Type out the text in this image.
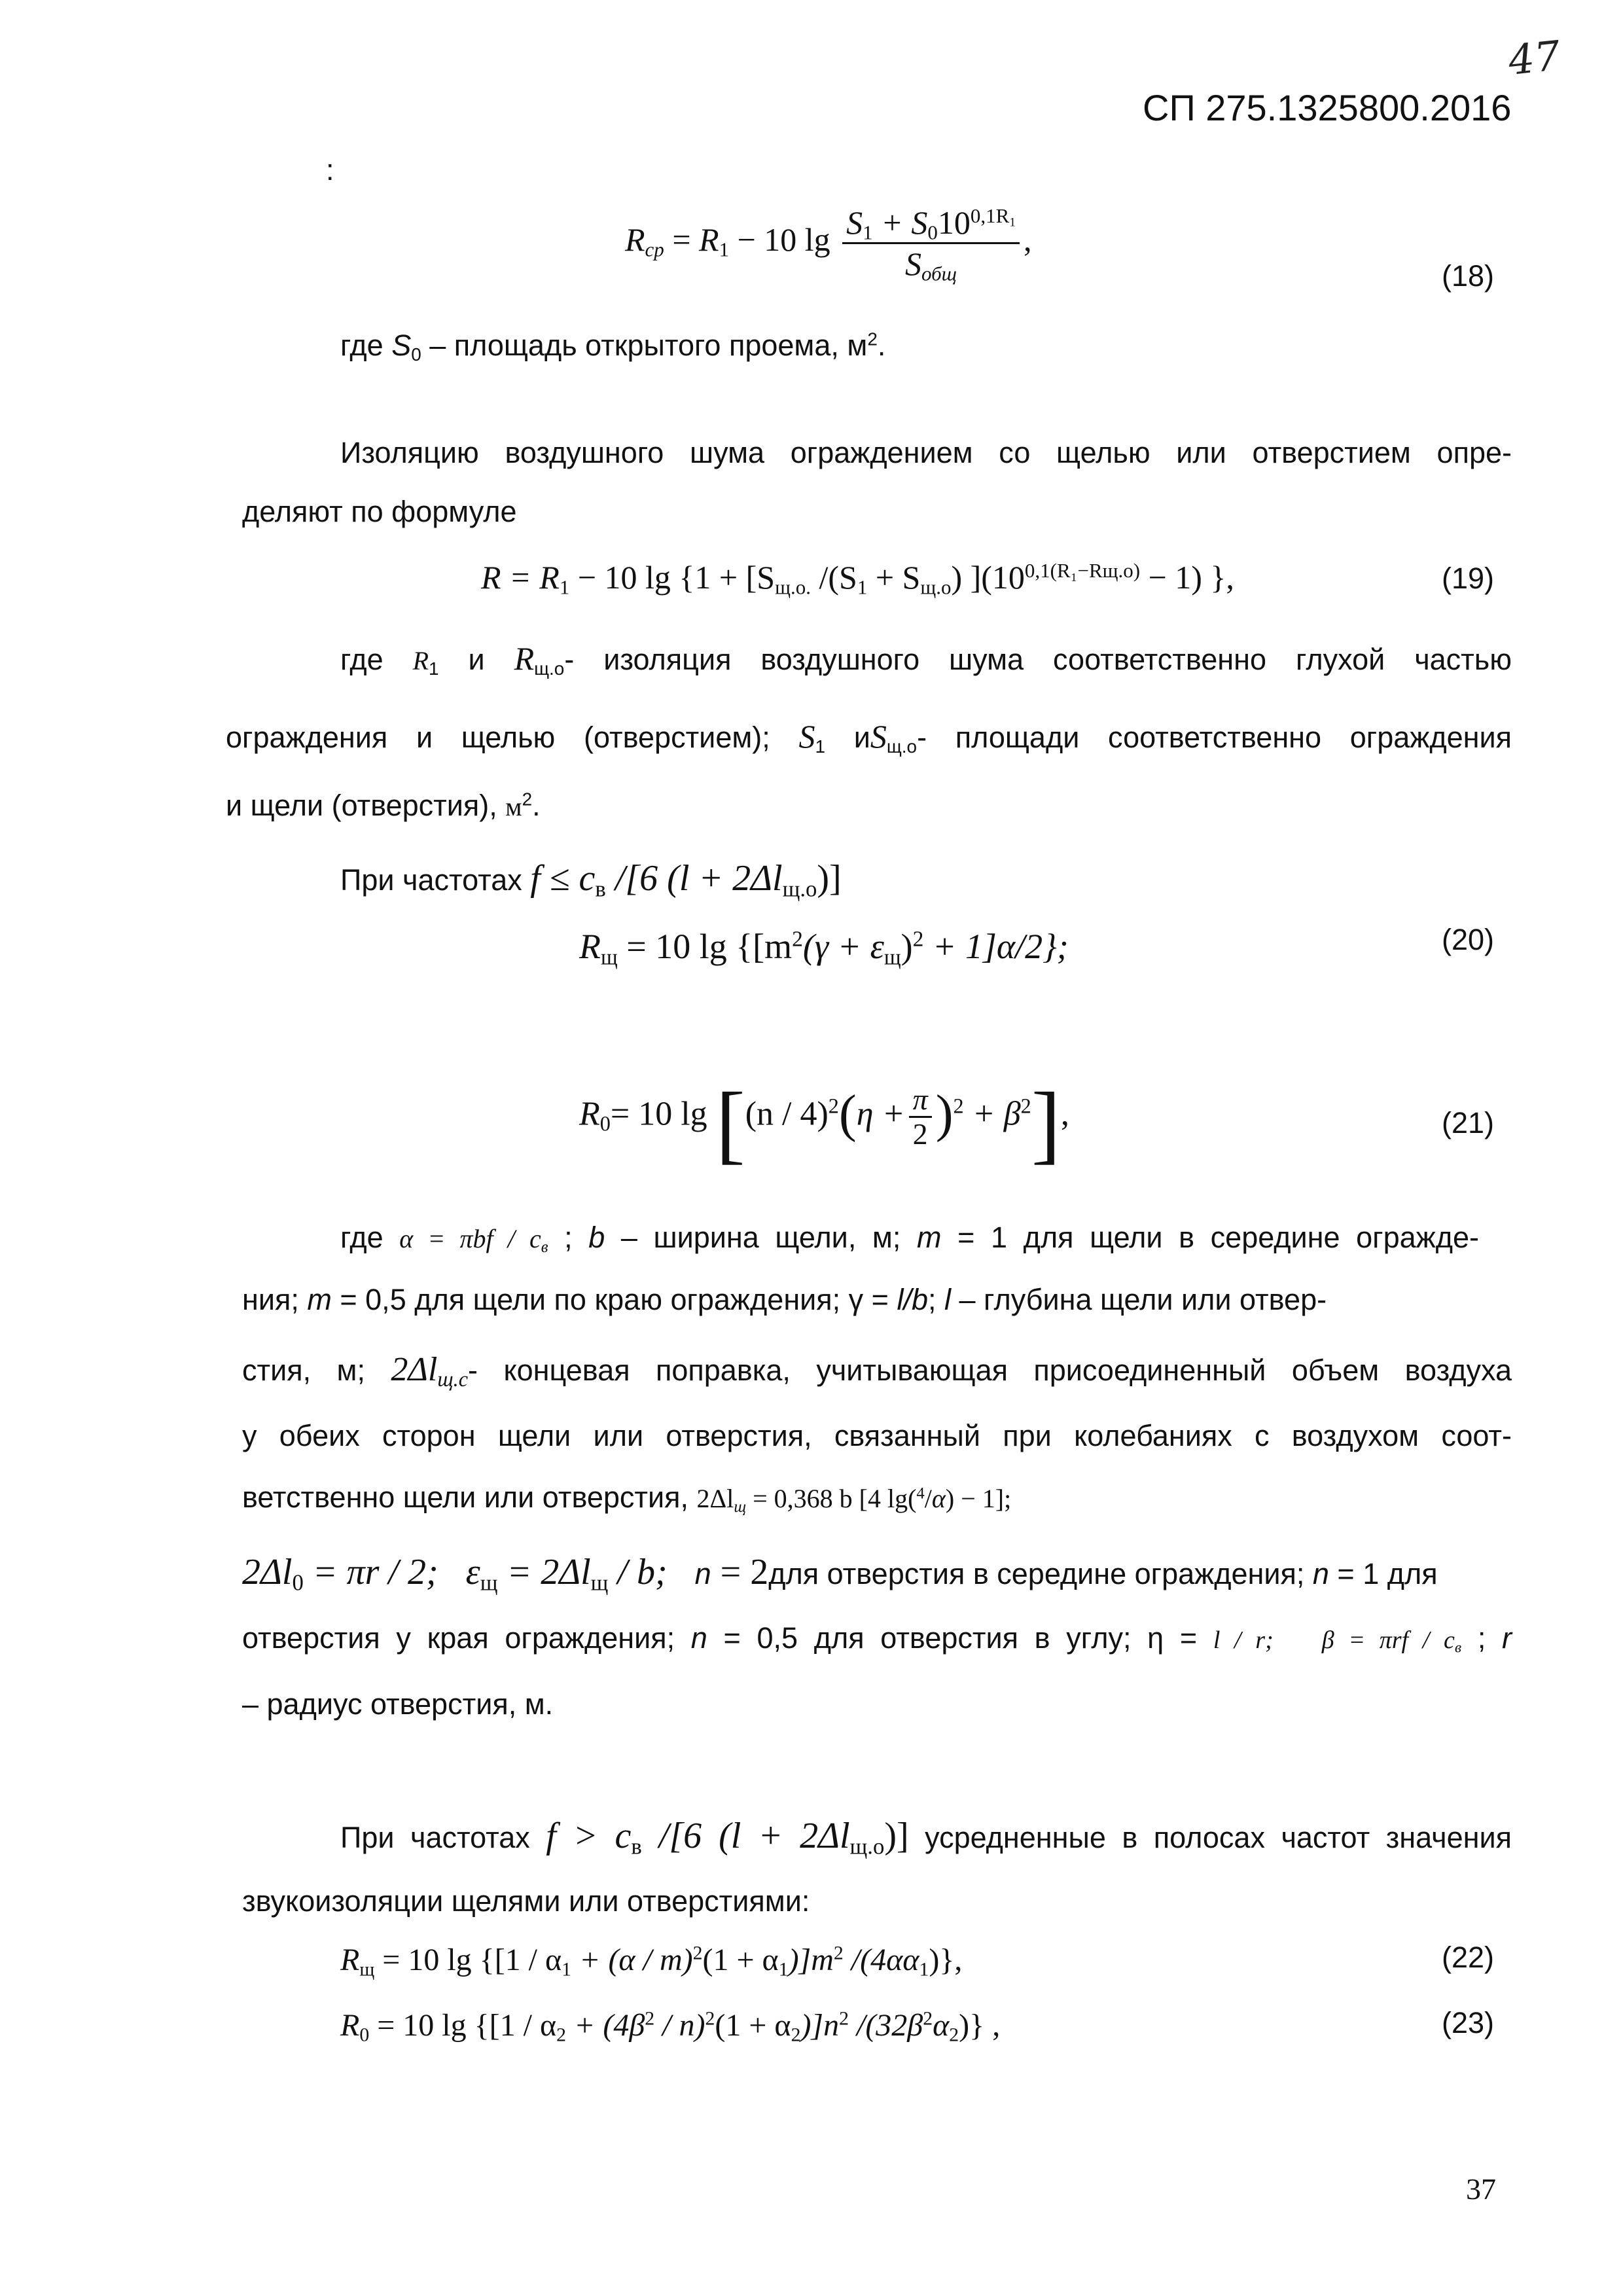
47
СП 275.1325800.2016
:
$R_{ср} = R_1 - 10$ $\lg \frac{S_1 + S_010^{0,1R_1}}{S_{общ}}$ ,
(18)
где $S_0$ – площадь открытого проема, $м^2$.
Изоляцию воздушного шума ограждением со щелью или отверстием опре-
деляют по формуле
$R = R_1 - 10$ $\lg \{1 + [S_{щ.о.}$ $/(S_1 + S_{щ.о}) ](10^{0,1(R_1-Rщ.о)} - 1)$ },	(19)
где $R_1$ и $R_{щ.о}-$ изоляция воздушного шума соответственно глухой частью
ограждения и щелью (отверстием); $S_1$ $иS_{щ.о}-$ площади соответственно ограждения
и щели (отверстия), $м^2$.
При частотах $f \le c_в$ /[6 $(l + 2\Delta l_{щ.о})$]
$R_щ = 10$ $\lg \{[m^2(\gamma + \varepsilon_щ)^2 + 1]\alpha/2\}$;	(20)
$R_0= 10$ $\lg [(n / 4)^2(\eta + \frac{\pi}{2} )^2 + \beta^2]$,	(21)
где $\alpha = \pi bf / c_в$ ; b – ширина щели, м; m = 1 для щели в середине огражде-
ния; m = 0,5 для щели по краю ограждения; γ = l/b; l – глубина щели или отвер-
стия, м; $2\Delta l_{щ.с}-$ концевая поправка, учитывающая присоединенный объем воздуха
у обеих сторон щели или отверстия, связанный при колебаниях с воздухом соот-
ветственно щели или отверстия, $2\Delta l_щ = 0,368$ b [4 lg($^4$/α) − 1];
$2\Delta l_0 = \pi r / 2$; $\varepsilon_щ = 2\Delta l_щ / b$; n = 2для отверстия в середине ограждения; n = 1 для
отверстия у края ограждения; n = 0,5 для отверстия в углу; η = l / r; $\beta = \pi rf / c_в$ ; r
– радиус отверстия, м.
При частотах $f > c_в$ /[6 $(l + 2\Delta l_{щ.о})$] усредненные в полосах частот значения
звукоизоляции щелями или отверстиями:
$R_щ = 10$ $\lg \{[1 / \alpha_1 + (\alpha / m)^2(1 + \alpha_1)]m^2$ $/(4\alpha\alpha_1)$},	(22)
$R_0 = 10$ $\lg \{[1 / \alpha_2 + (4\beta^2 / n)^2(1 + \alpha_2)]n^2$ $/(32\beta^2\alpha_2)$} ,	(23)
37
R = R₁ − 10 lg {1 + [Sщ.о. /(S₁ + Sщ.о) ](10^{0,1(R₁−Rщ.о)} − 1) },
